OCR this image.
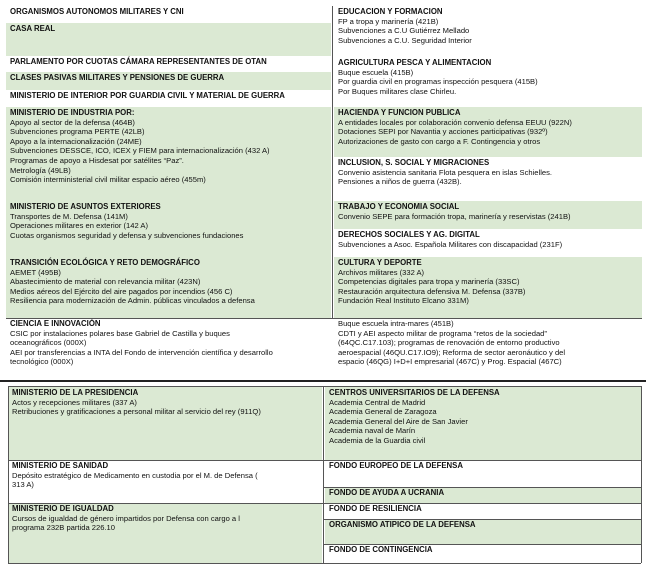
ORGANISMOS AUTONOMOS MILITARES Y CNI
CASA REAL
PARLAMENTO POR CUOTAS CÁMARA REPRESENTANTES DE OTAN
CLASES PASIVAS MILITARES Y PENSIONES DE GUERRA
MINISTERIO DE INTERIOR POR GUARDIA CIVIL Y MATERIAL DE GUERRA
MINISTERIO DE INDUSTRIA POR:
Apoyo al sector de la defensa (464B)
Subvenciones programa PERTE (42LB)
Apoyo a la internacionalización (24ME)
Subvenciones DESSCE, ICO, ICEX y FIEM para internacionalización (432 A)
Programas de apoyo a Hisdesat por satélites “Paz”.
Metrología (49LB)
Comisión interministerial civil militar espacio aéreo (455m)
MINISTERIO DE ASUNTOS EXTERIORES
Transportes de M. Defensa (141M)
Operaciones militares en exterior (142 A)
Cuotas organismos seguridad y defensa y subvenciones fundaciones
TRANSICIÓN ECOLÓGICA Y RETO DEMOGRÁFICO
AEMET (495B)
Abastecimiento de material con relevancia militar (423N)
Medios aéreos del Ejército del aire pagados por incendios (456 C)
Resiliencia para modernización de Admin. públicas vinculados a defensa
CIENCIA E INNOVACIÓN
CSIC por instalaciones polares base Gabriel de Castilla y buques
oceanográficos (000X)
AEI por transferencias a INTA del Fondo de intervención científica y desarrollo
tecnológico (000X)
EDUCACION Y FORMACION
FP a tropa y marinería (421B)
Subvenciones a C.U Gutiérrez Mellado
Subvenciones a C.U. Seguridad Interior
AGRICULTURA PESCA Y ALIMENTACION
Buque escuela (415B)
Por guardia civil en programas inspección pesquera (415B)
Por Buques militares clase Chirleu.
HACIENDA Y FUNCION PUBLICA
A entidades locales por colaboración convenio defensa EEUU (922N)
Dotaciones SEPI por Navantia y acciones participativas (932º)
Autorizaciones de gasto con cargo a F. Contingencia y otros
INCLUSION, S. SOCIAL Y MIGRACIONES
Convenio asistencia sanitaria Flota pesquera en islas Schielles.
Pensiones a niños de guerra (432B).
TRABAJO Y ECONOMIA SOCIAL
Convenio SEPE para formación tropa, marinería y reservistas (241B)
DERECHOS SOCIALES Y AG. DIGITAL
Subvenciones a Asoc. Española Militares con discapacidad (231F)
CULTURA Y DEPORTE
Archivos militares (332 A)
Competencias digitales para tropa y marinería (33SC)
Restauración arquitectura defensiva M. Defensa (337B)
Fundación Real Instituto Elcano 331M)
Buque escuela intra-mares (451B)
CDTI y AEI aspecto militar de programa “retos de la sociedad”
(64QC.C17.103); programas de renovación de entorno productivo
aeroespacial (46QU.C17.IO9); Reforma de sector aeronáutico y del
espacio (46QG) I+D+I empresarial (467C) y Prog. Espacial (467C)
MINISTERIO DE LA PRESIDENCIA
Actos y recepciones militares (337 A)
Retribuciones y gratificaciones a personal militar al servicio del rey (911Q)
MINISTERIO DE SANIDAD
Depósito estratégico de Medicamento en custodia por el M. de Defensa (
313 A)
MINISTERIO DE IGUALDAD
Cursos de igualdad de género impartidos por Defensa con cargo a l
programa 232B partida 226.10
CENTROS UNIVERSITARIOS DE LA DEFENSA
Academia Central de Madrid
Academia General de Zaragoza
Academia General del Aire de San Javier
Academia naval de Marín
Academia de la Guardia civil
FONDO EUROPEO DE LA DEFENSA
FONDO DE AYUDA A UCRANIA
FONDO DE RESILIENCIA
ORGANISMO ATIPICO DE LA DEFENSA
FONDO DE CONTINGENCIA
